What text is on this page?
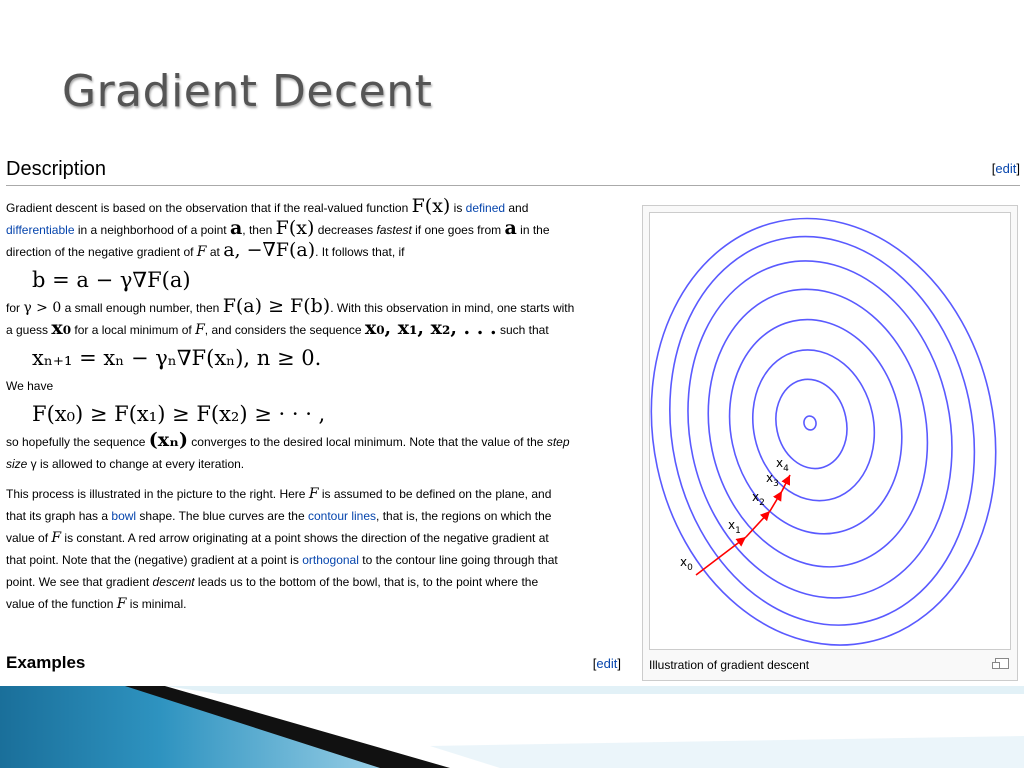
Gradient Decent
Description	[edit]

Gradient descent is based on the observation that if the real-valued function F(x) is defined and
differentiable in a neighborhood of a point a, then F(x) decreases fastest if one goes from a in the
direction of the negative gradient of F at a, −∇F(a). It follows that, if

b = a − γ∇F(a)

for γ > 0 a small enough number, then F(a) ≥ F(b). With this observation in mind, one starts with
a guess x₀ for a local minimum of F, and considers the sequence x₀, x₁, x₂, . . . such that

xₙ₊₁ = xₙ − γₙ∇F(xₙ), n ≥ 0.

We have

F(x₀) ≥ F(x₁) ≥ F(x₂) ≥ · · · ,

so hopefully the sequence (xₙ) converges to the desired local minimum. Note that the value of the step
size γ is allowed to change at every iteration.

This process is illustrated in the picture to the right. Here F is assumed to be defined on the plane, and
that its graph has a bowl shape. The blue curves are the contour lines, that is, the regions on which the
value of F is constant. A red arrow originating at a point shows the direction of the negative gradient at
that point. Note that the (negative) gradient at a point is orthogonal to the contour line going through that
point. We see that gradient descent leads us to the bottom of the bowl, that is, to the point where the
value of the function F is minimal.

$x_0$
$x_1$
$x_2$
$x_3$
$x_4$
Illustration of gradient descent
Examples	[edit]
